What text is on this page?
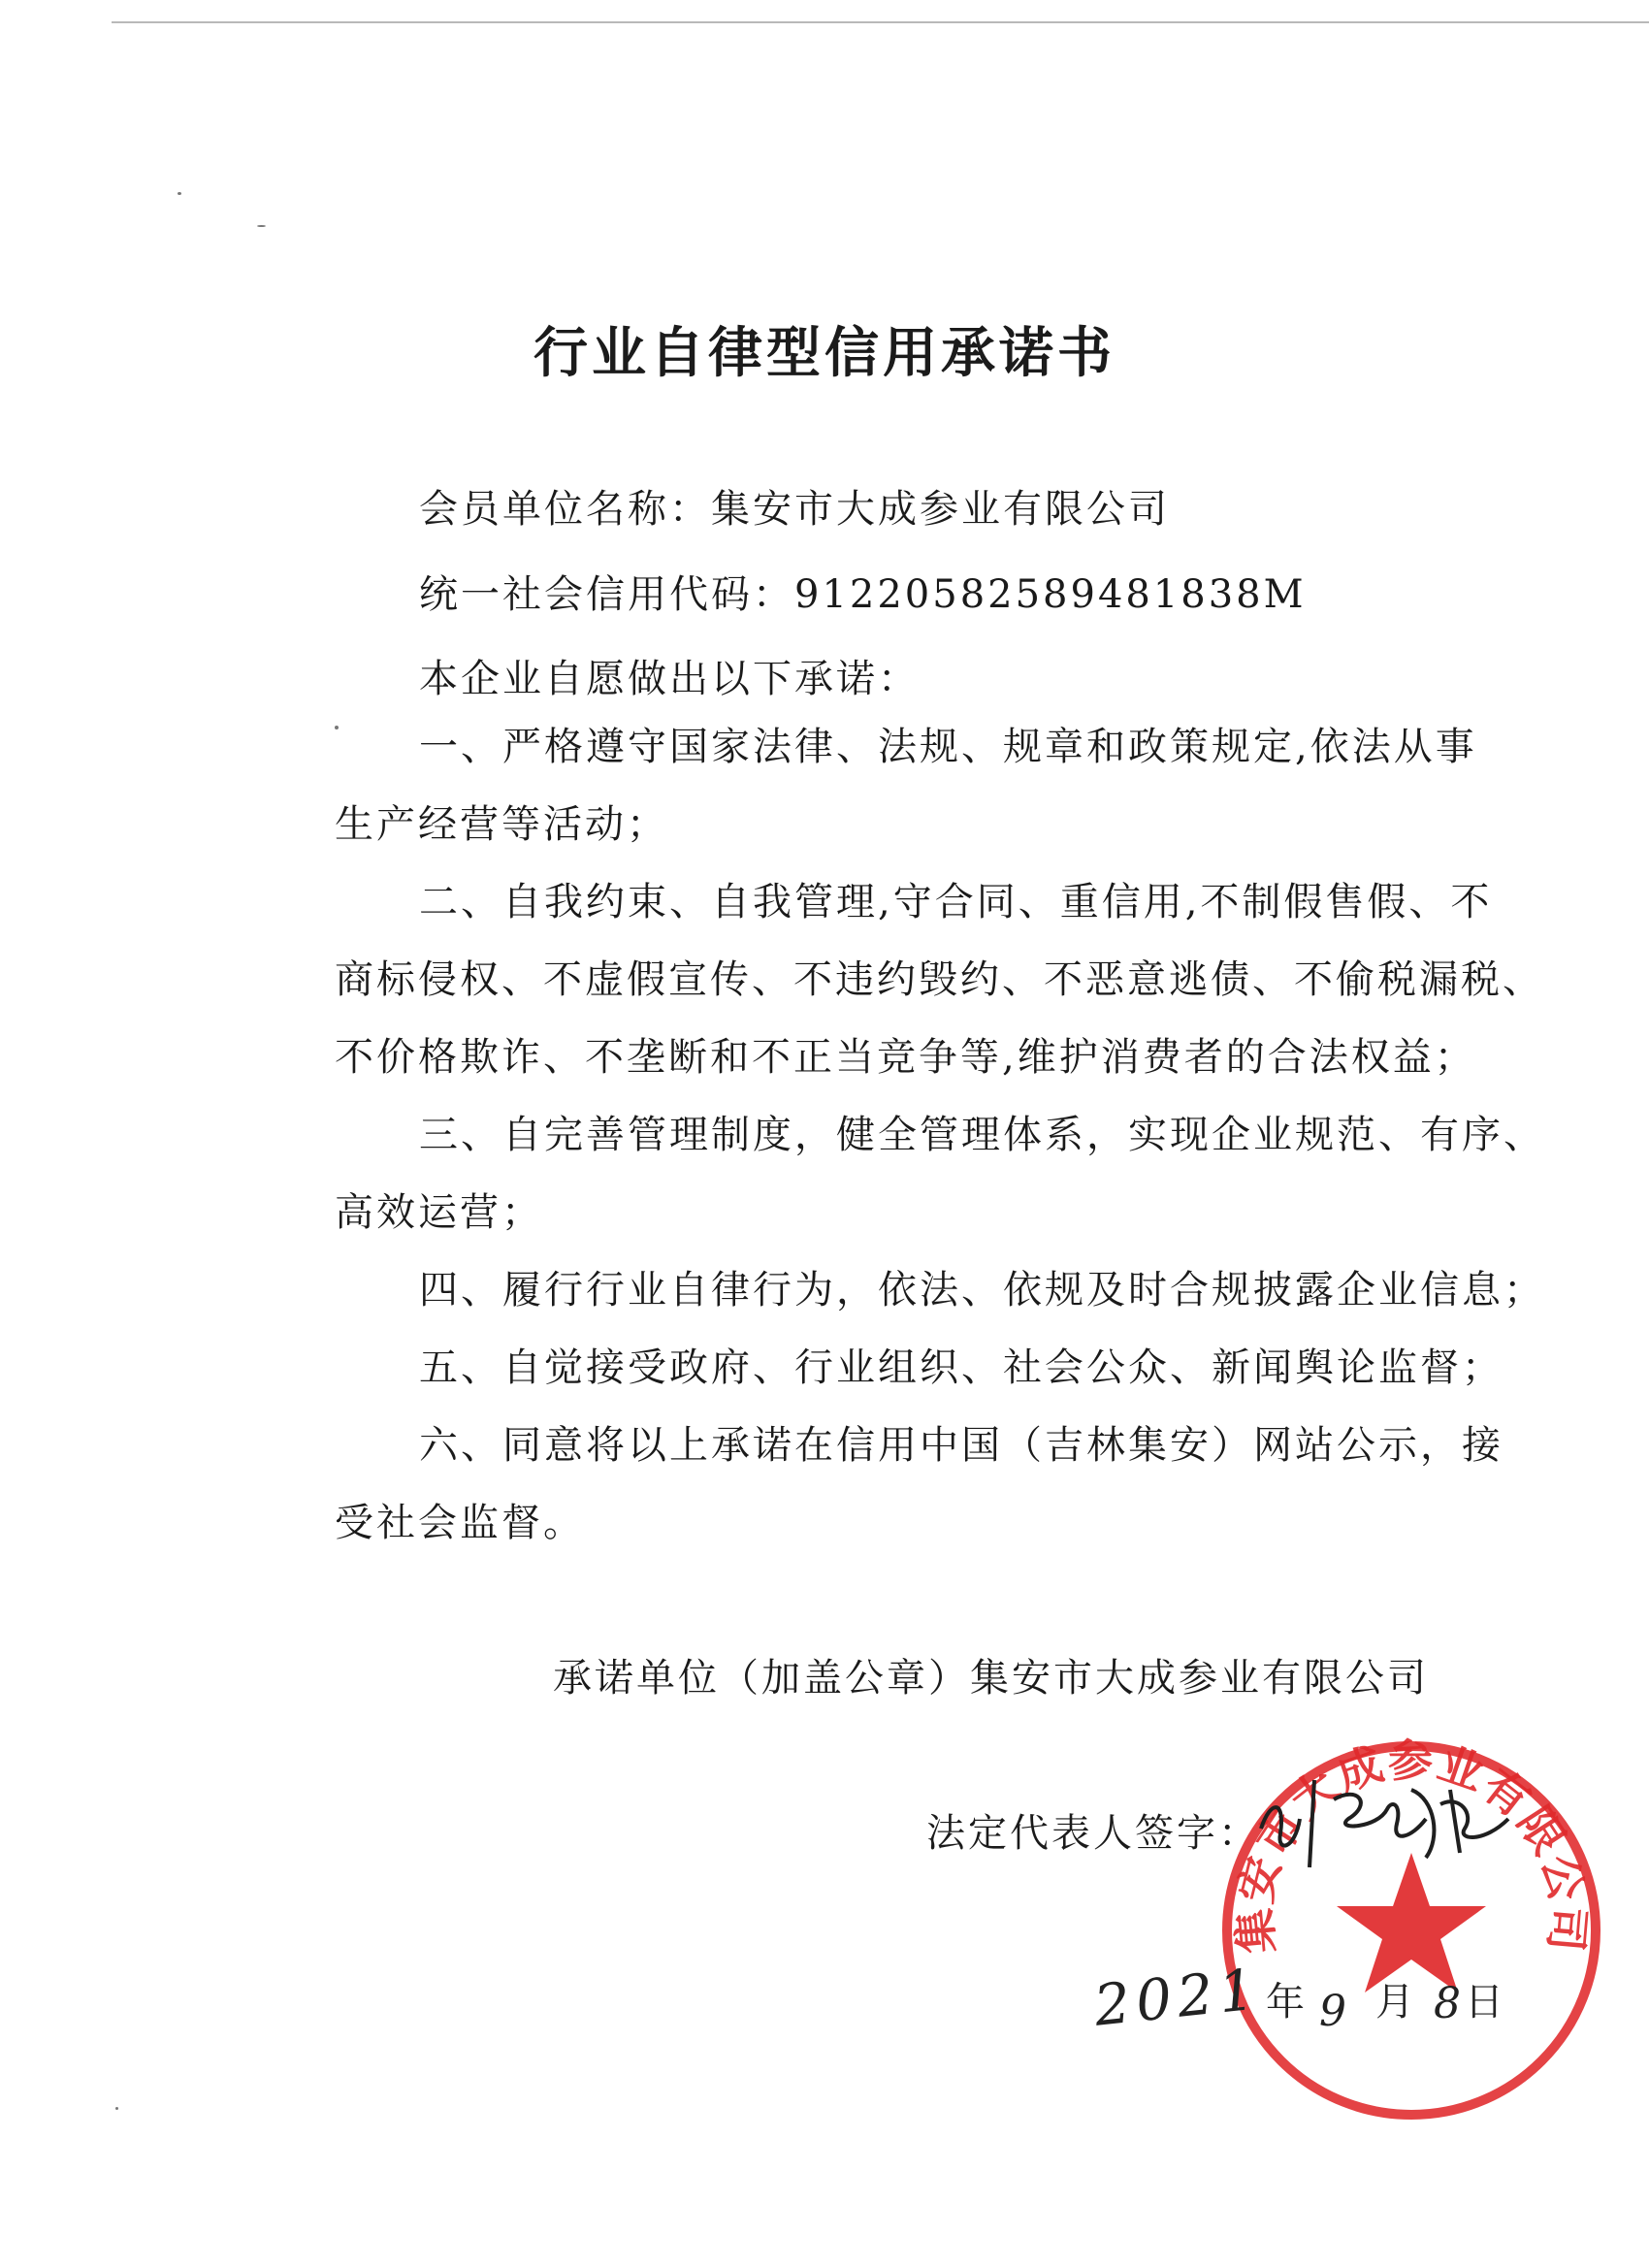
行业自律型信用承诺书
会员单位名称：集安市大成参业有限公司
统一社会信用代码：91220582589481838M
本企业自愿做出以下承诺：
一、严格遵守国家法律、法规、规章和政策规定,依法从事
生产经营等活动；
二、自我约束、自我管理,守合同、重信用,不制假售假、不
商标侵权、不虚假宣传、不违约毁约、不恶意逃债、不偷税漏税、
不价格欺诈、不垄断和不正当竞争等,维护消费者的合法权益；
三、自完善管理制度，健全管理体系，实现企业规范、有序、
高效运营；
四、履行行业自律行为，依法、依规及时合规披露企业信息；
五、自觉接受政府、行业组织、社会公众、新闻舆论监督；
六、同意将以上承诺在信用中国（吉林集安）网站公示，接
受社会监督。
承诺单位（加盖公章）集安市大成参业有限公司
法定代表人签字：
集安市大成参业有限公司
2021 年 9 月 8 日
